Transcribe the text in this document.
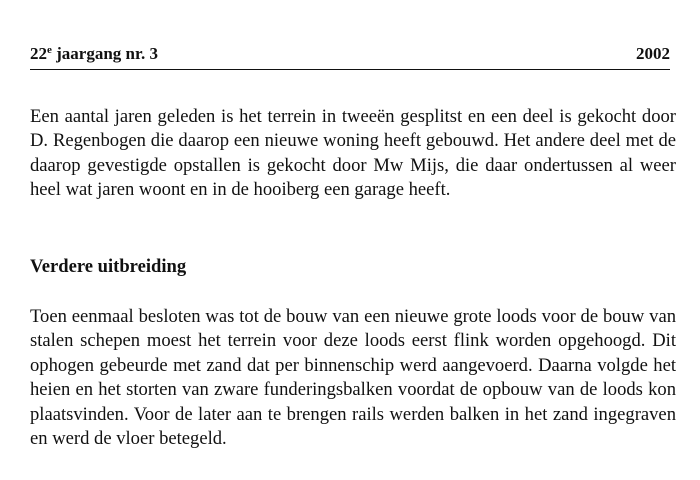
22e jaargang nr. 3	2002

Een aantal jaren geleden is het terrein in tweeën gesplitst en een deel is gekocht door D. Regenbogen die daarop een nieuwe woning heeft gebouwd. Het andere deel met de daarop gevestigde opstallen is gekocht door Mw Mijs, die daar ondertussen al weer heel wat jaren woont en in de hooiberg een garage heeft.

Verdere uitbreiding

Toen eenmaal besloten was tot de bouw van een nieuwe grote loods voor de bouw van stalen schepen moest het terrein voor deze loods eerst flink worden opgehoogd. Dit ophogen gebeurde met zand dat per binnenschip werd aangevoerd. Daarna volgde het heien en het storten van zware funderingsbalken voordat de opbouw van de loods kon plaatsvinden. Voor de later aan te brengen rails werden balken in het zand ingegraven en werd de vloer betegeld.
